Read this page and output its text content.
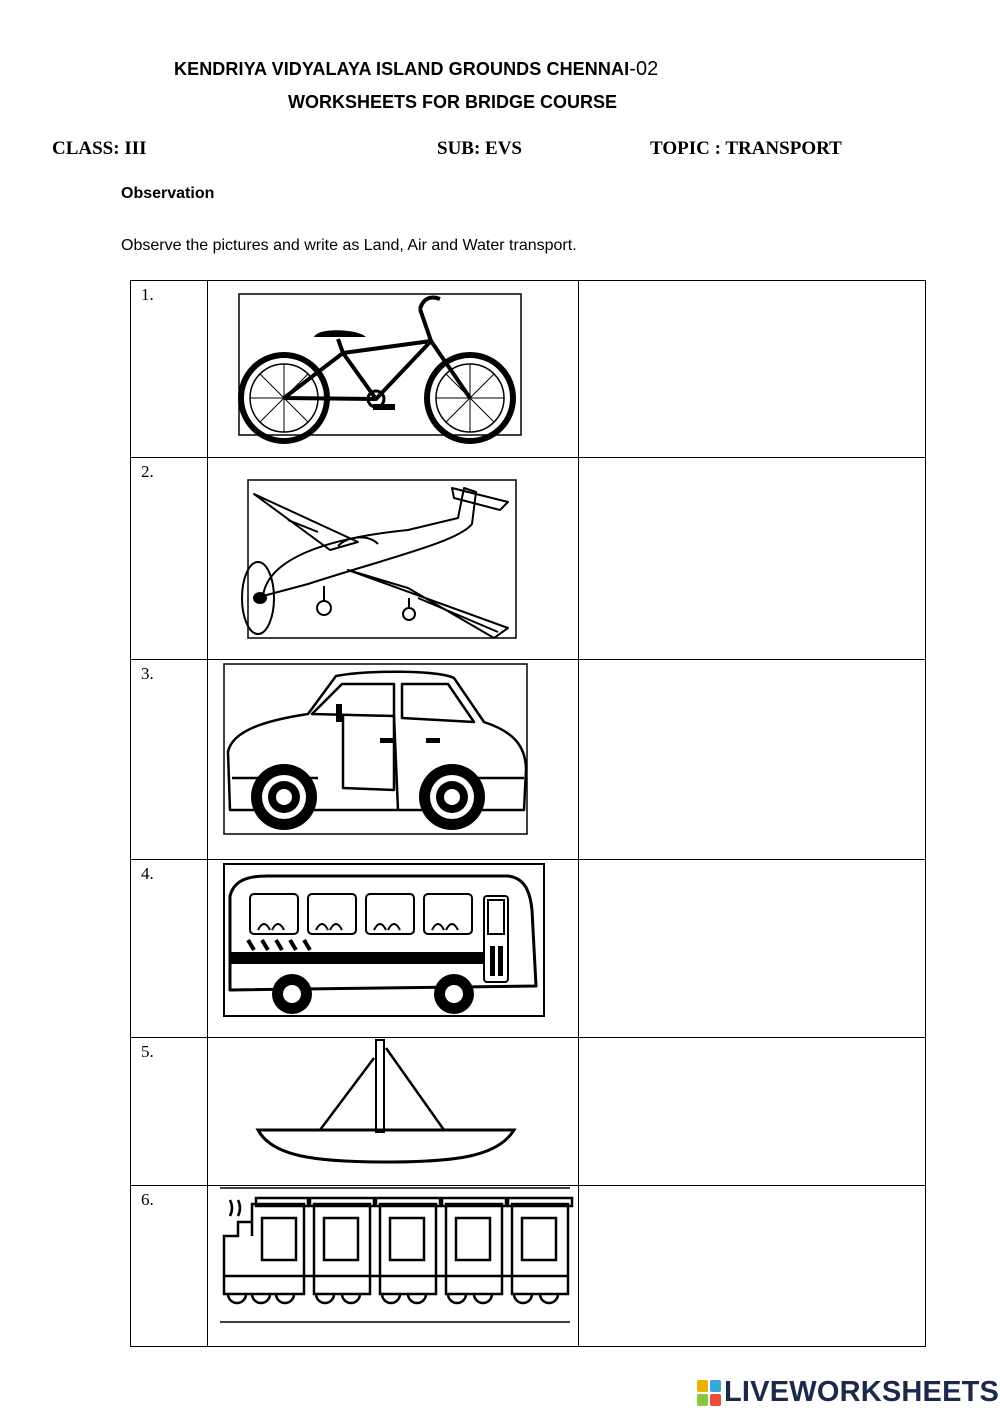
KENDRIYA VIDYALAYA ISLAND GROUNDS CHENNAI-02
WORKSHEETS FOR BRIDGE COURSE
CLASS: III	SUB: EVS	TOPIC : TRANSPORT
Observation
Observe the pictures and write as Land, Air and Water transport.
1.

2.

3.

4.

5.

6.

LIVEWORKSHEETS
